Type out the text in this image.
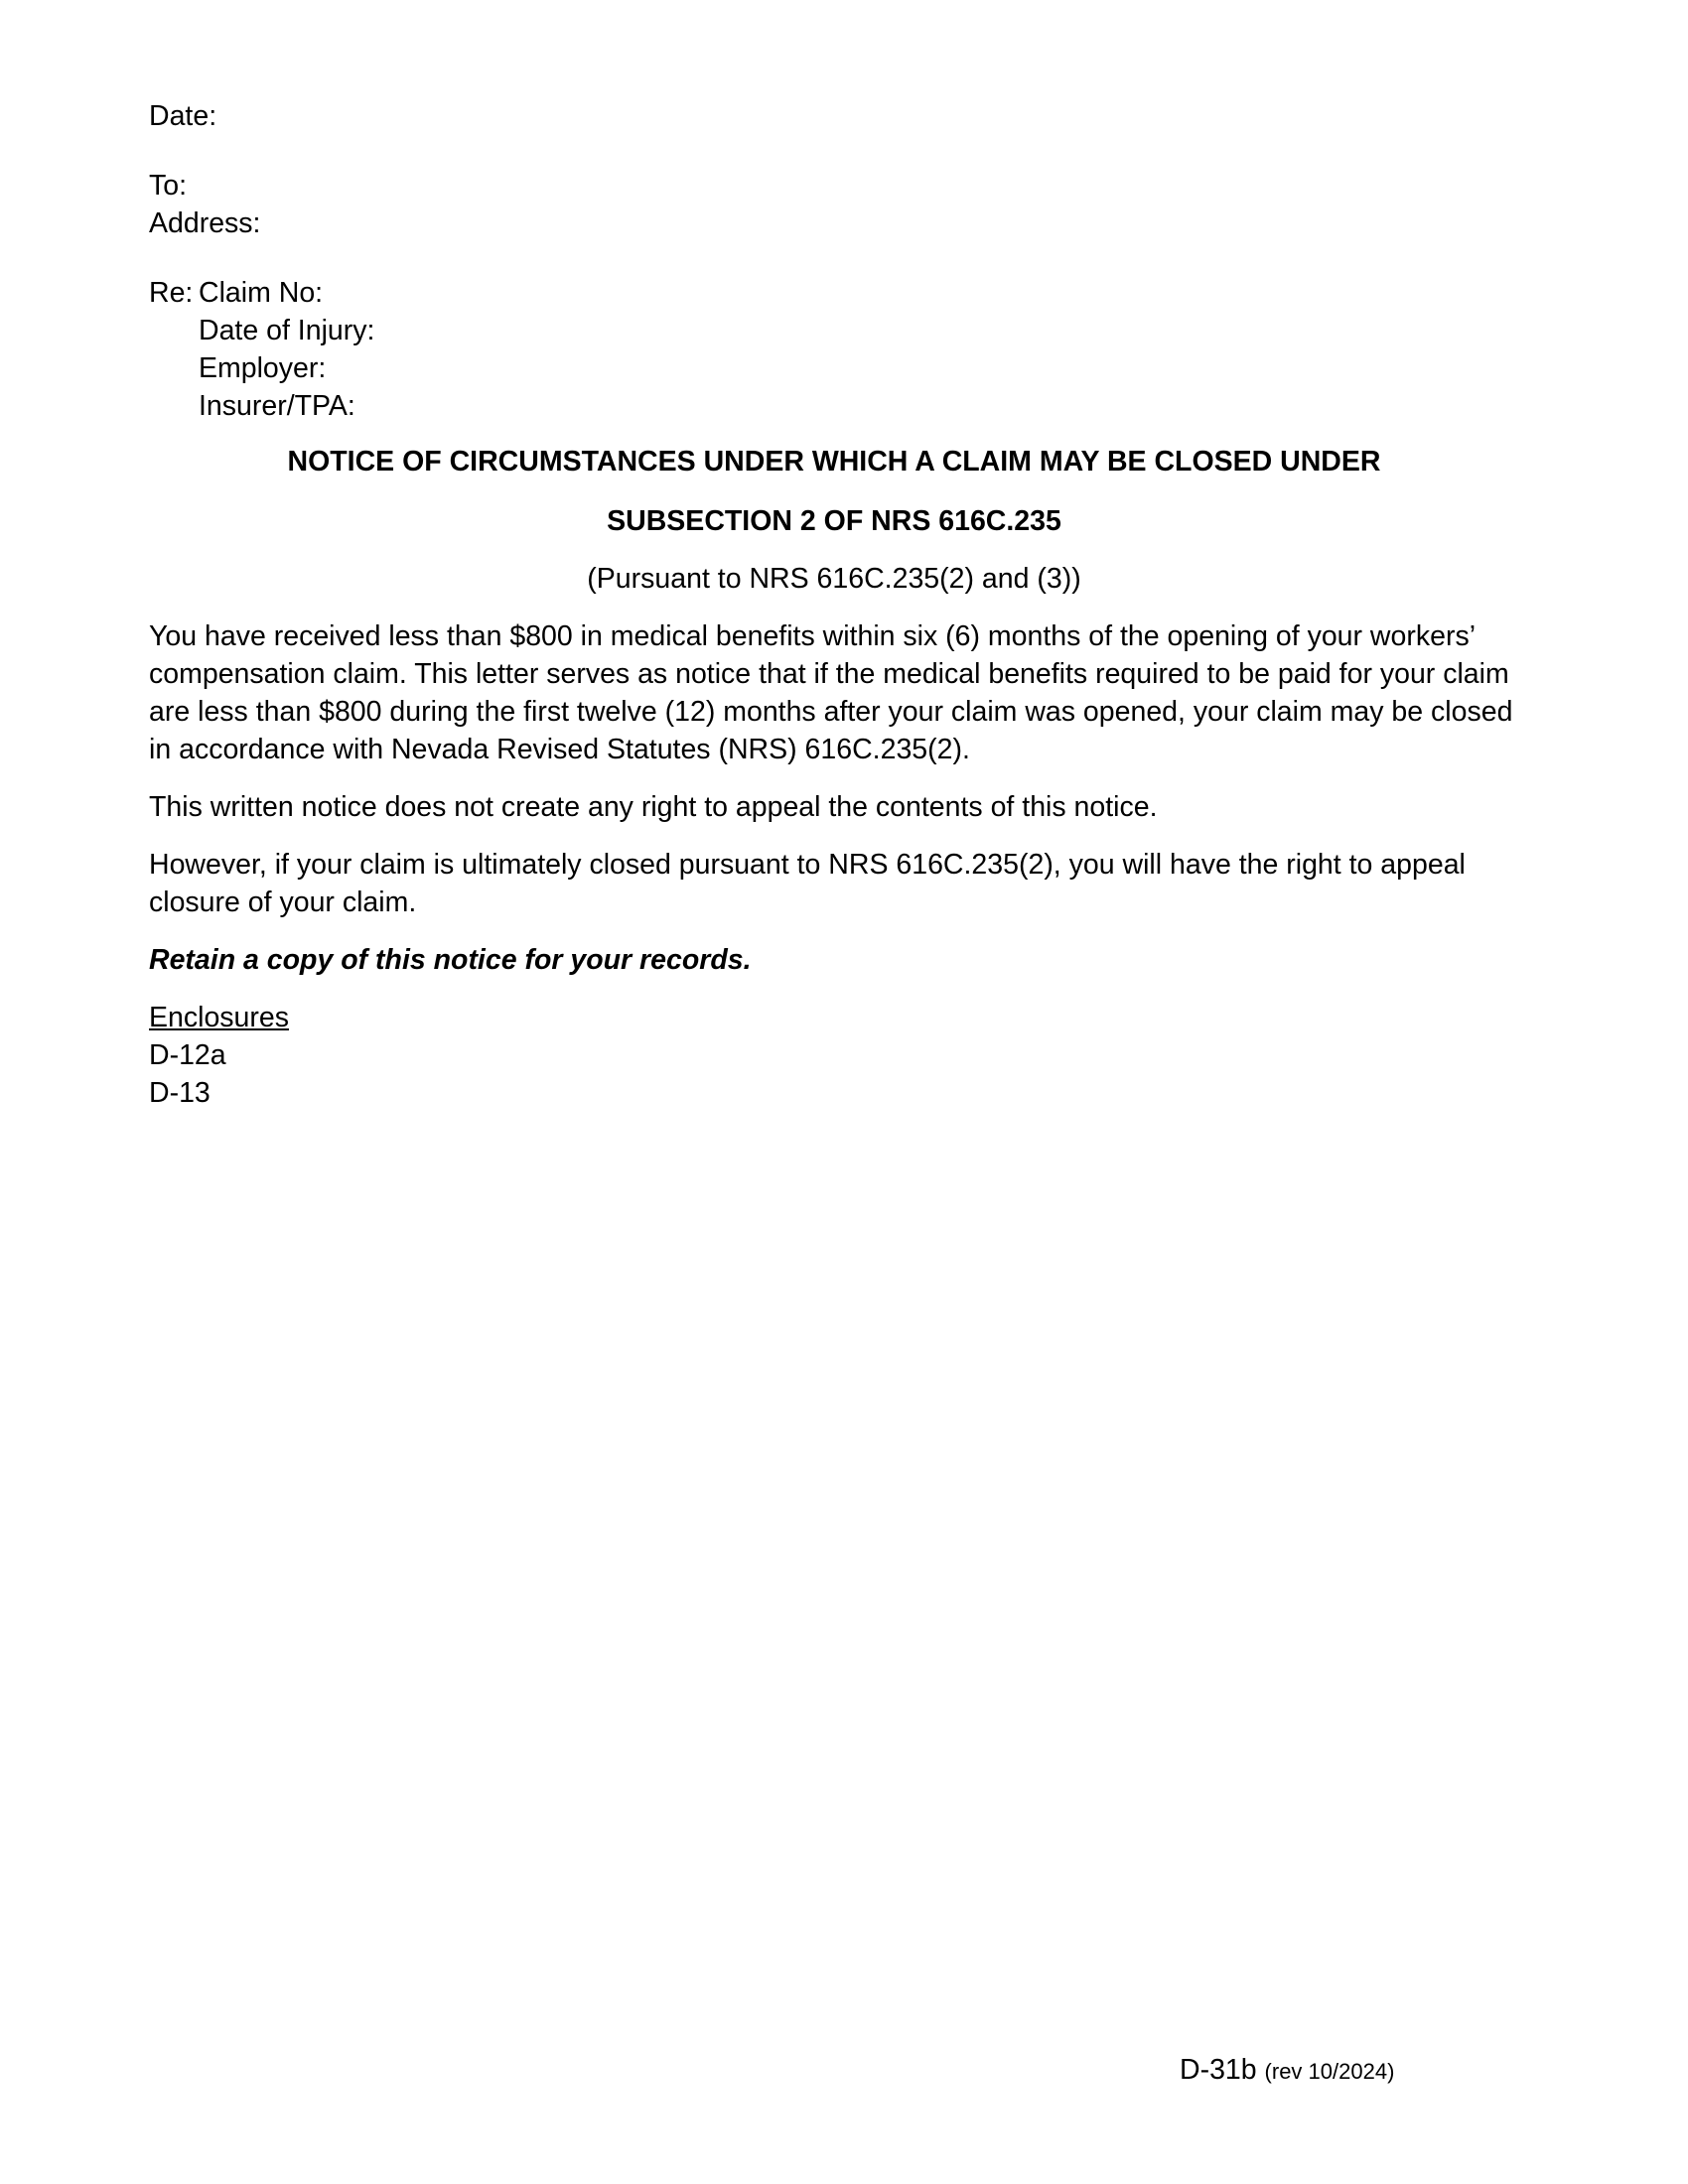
Date:
To:
Address:
Re: Claim No:
Date of Injury:
Employer:
Insurer/TPA:
NOTICE OF CIRCUMSTANCES UNDER WHICH A CLAIM MAY BE CLOSED UNDER
SUBSECTION 2 OF NRS 616C.235
(Pursuant to NRS 616C.235(2) and (3))

You have received less than $800 in medical benefits within six (6) months of the opening of your workers’ compensation claim. This letter serves as notice that if the medical benefits required to be paid for your claim are less than $800 during the first twelve (12) months after your claim was opened, your claim may be closed in accordance with Nevada Revised Statutes (NRS) 616C.235(2).

This written notice does not create any right to appeal the contents of this notice.

However, if your claim is ultimately closed pursuant to NRS 616C.235(2), you will have the right to appeal closure of your claim.

Retain a copy of this notice for your records.

Enclosures
D-12a
D-13

D-31b (rev 10/2024)
